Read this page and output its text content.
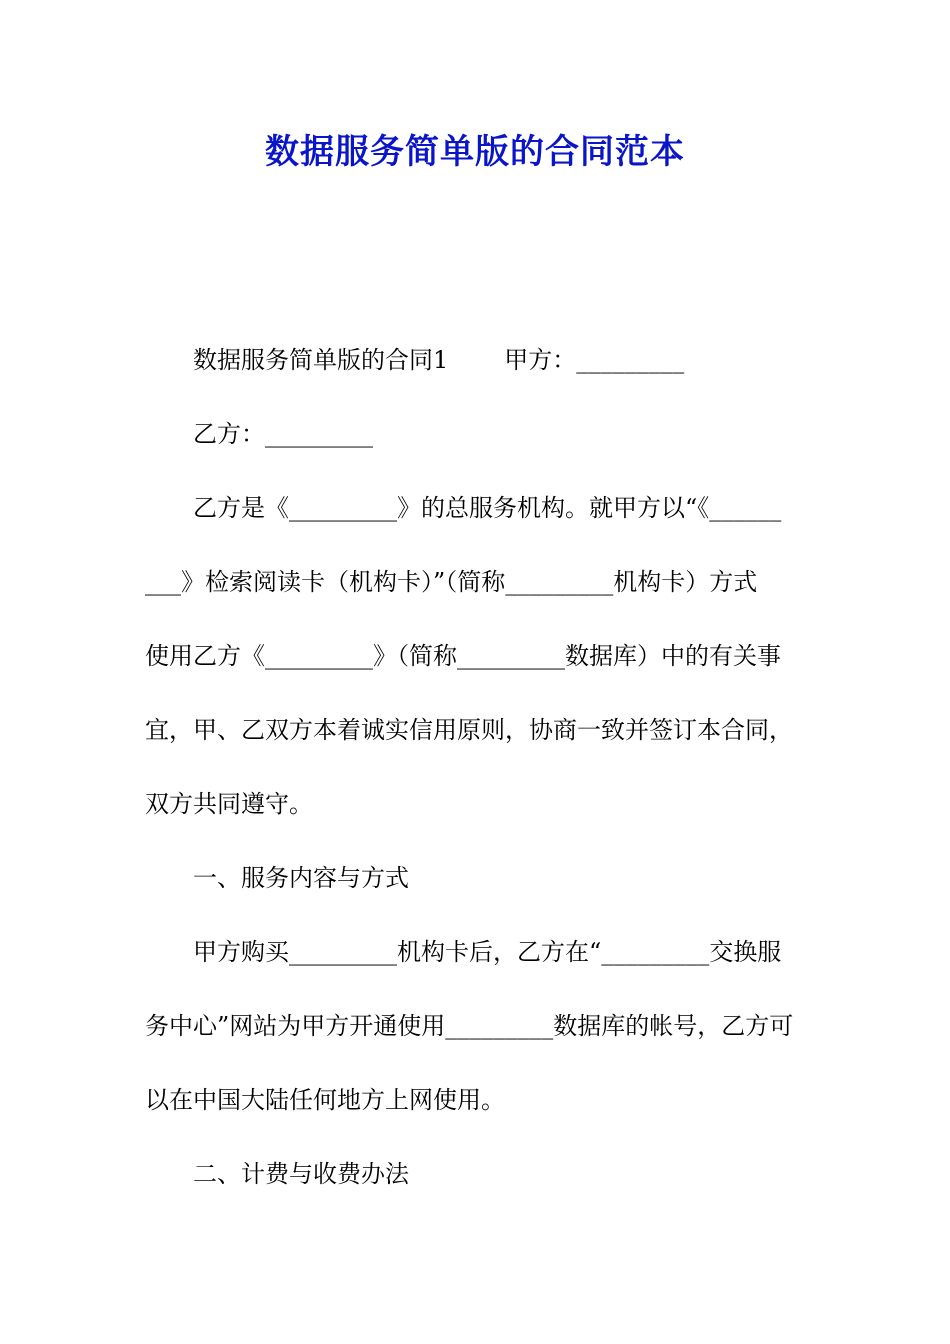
数据服务简单版的合同范本
数据服务简单版的合同1 甲方：_________
乙方：_________
乙方是《_________》的总服务机构。就甲方以“《______
___》检索阅读卡（机构卡）”（简称_________机构卡）方式
使用乙方《_________》（简称_________数据库）中的有关事
宜，甲、乙双方本着诚实信用原则，协商一致并签订本合同，
双方共同遵守。
一、服务内容与方式
甲方购买_________机构卡后，乙方在“_________交换服
务中心”网站为甲方开通使用_________数据库的帐号，乙方可
以在中国大陆任何地方上网使用。
二、计费与收费办法
